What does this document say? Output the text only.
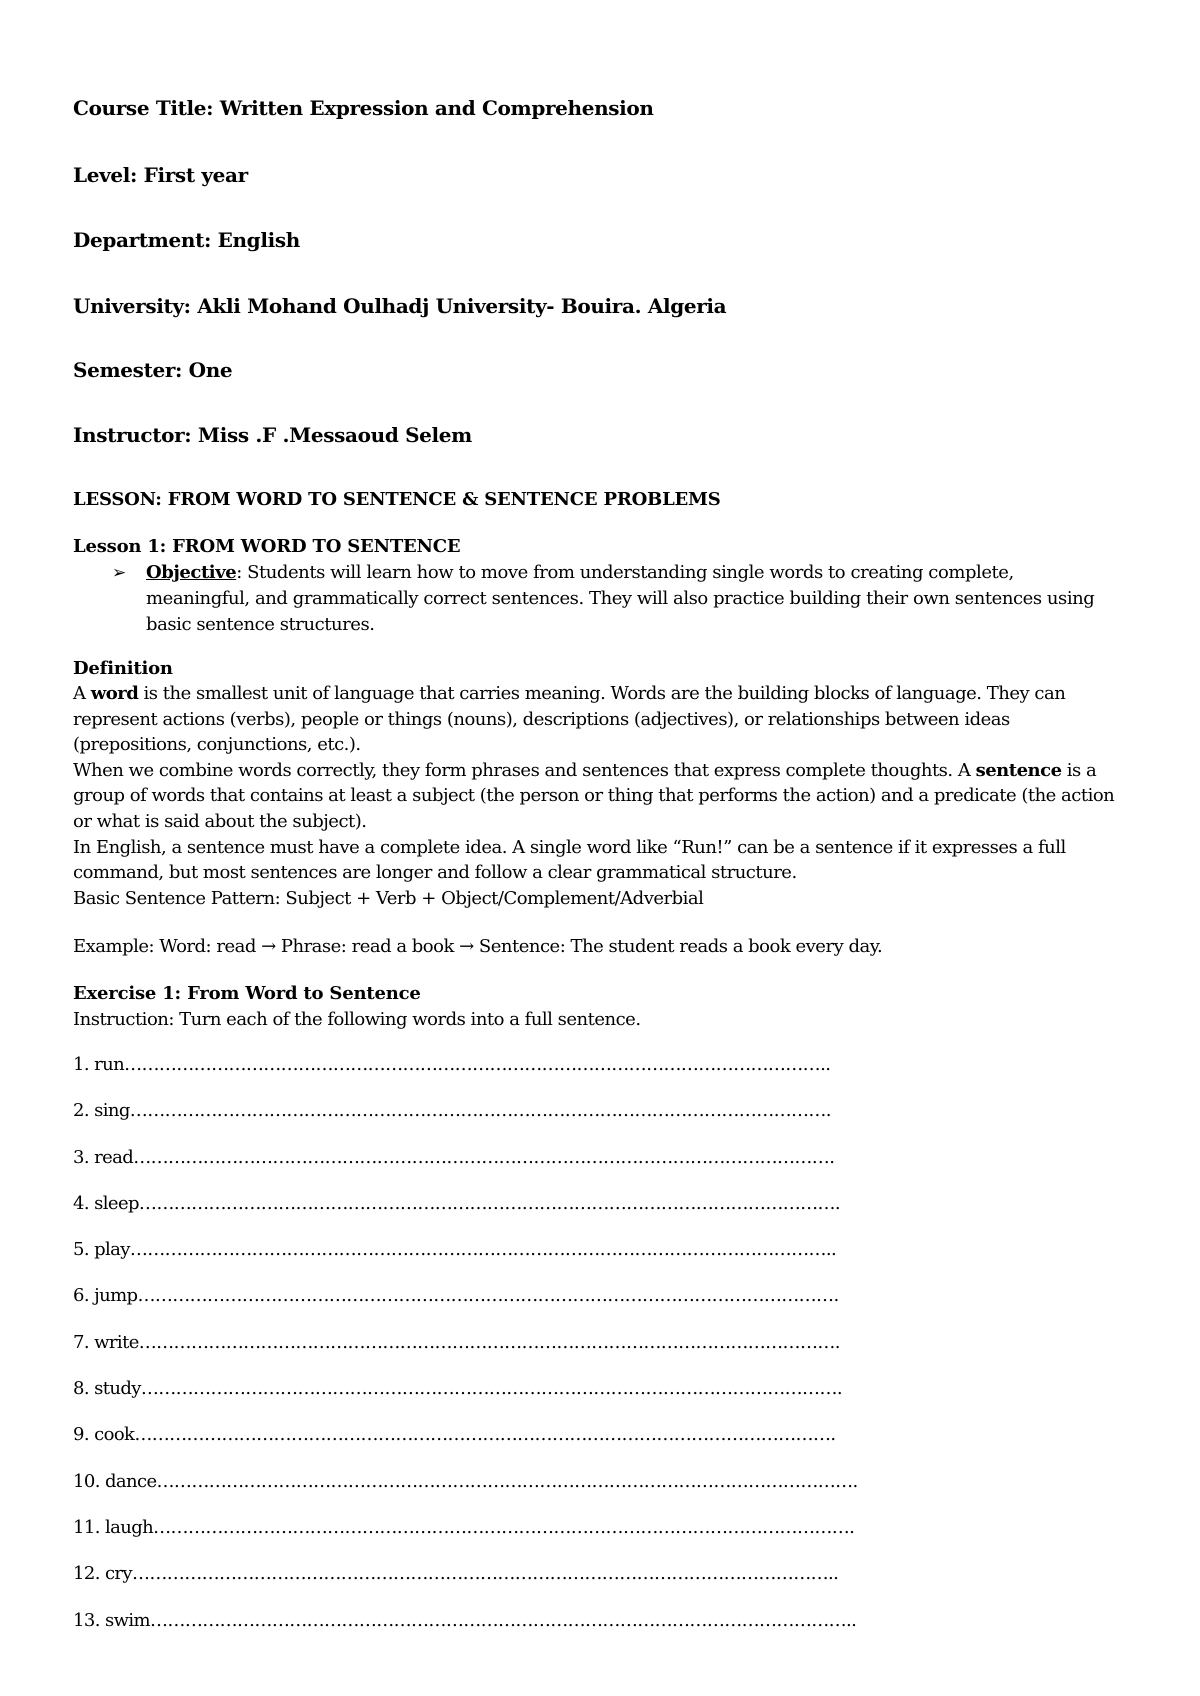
Course Title: Written Expression and Comprehension
Level: First year
Department: English
University: Akli Mohand Oulhadj University- Bouira. Algeria
Semester: One
Instructor: Miss .F .Messaoud Selem
LESSON: FROM WORD TO SENTENCE & SENTENCE PROBLEMS
Lesson 1: FROM WORD TO SENTENCE
➢ Objective: Students will learn how to move from understanding single words to creating complete, meaningful, and grammatically correct sentences. They will also practice building their own sentences using basic sentence structures.
Definition

A word is the smallest unit of language that carries meaning. Words are the building blocks of language. They can represent actions (verbs), people or things (nouns), descriptions (adjectives), or relationships between ideas (prepositions, conjunctions, etc.).

When we combine words correctly, they form phrases and sentences that express complete thoughts. A sentence is a group of words that contains at least a subject (the person or thing that performs the action) and a predicate (the action or what is said about the subject).

In English, a sentence must have a complete idea. A single word like “Run!” can be a sentence if it expresses a full command, but most sentences are longer and follow a clear grammatical structure.

Basic Sentence Pattern: Subject + Verb + Object/Complement/Adverbial

Example: Word: read → Phrase: read a book → Sentence: The student reads a book every day.
Exercise 1: From Word to Sentence
Instruction: Turn each of the following words into a full sentence.
1. run…………………………………………………………………………………………………………..
2. sing………………………………………………………………………………………………………….
3. read………………………………………………………………………………………………………….
4. sleep………………………………………………………………………………………………………….
5. play…………………………………………………………………………………………………………..
6. jump………………………………………………………………………………………………………….
7. write………………………………………………………………………………………………………….
8. study………………………………………………………………………………………………………….
9. cook………………………………………………………………………………………………………….
10. dance………………………………………………………………………………………………………….
11. laugh………………………………………………………………………………………………………….
12. cry…………………………………………………………………………………………………………..
13. swim…………………………………………………………………………………………………………..
